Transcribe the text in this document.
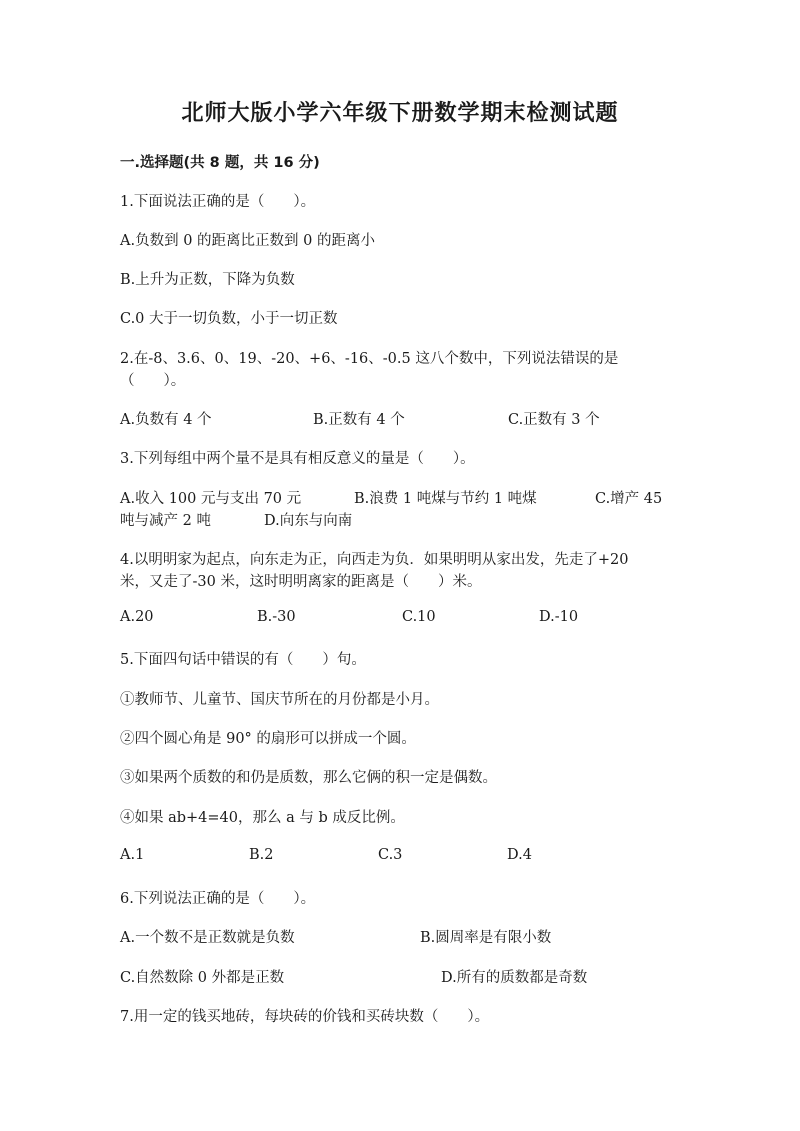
北师大版小学六年级下册数学期末检测试题
一.选择题(共 8 题，共 16 分)
1.下面说法正确的是（　　）。
A.负数到 0 的距离比正数到 0 的距离小
B.上升为正数，下降为负数
C.0 大于一切负数，小于一切正数
2.在-8、3.6、0、19、-20、+6、-16、-0.5 这八个数中，下列说法错误的是
（　　）。
A.负数有 4 个	B.正数有 4 个	C.正数有 3 个
3.下列每组中两个量不是具有相反意义的量是（　　）。
A.收入 100 元与支出 70 元	B.浪费 1 吨煤与节约 1 吨煤	C.增产 45
吨与减产 2 吨	D.向东与向南
4.以明明家为起点，向东走为正，向西走为负．如果明明从家出发，先走了+20
米，又走了-30 米，这时明明离家的距离是（　　）米。
A.20	B.-30	C.10	D.-10
5.下面四句话中错误的有（　　）句。
①教师节、儿童节、国庆节所在的月份都是小月。
②四个圆心角是 90° 的扇形可以拼成一个圆。
③如果两个质数的和仍是质数，那么它俩的积一定是偶数。
④如果 ab+4=40，那么 a 与 b 成反比例。
A.1	B.2	C.3	D.4
6.下列说法正确的是（　　）。
A.一个数不是正数就是负数	B.圆周率是有限小数
C.自然数除 0 外都是正数	D.所有的质数都是奇数
7.用一定的钱买地砖，每块砖的价钱和买砖块数（　　）。
